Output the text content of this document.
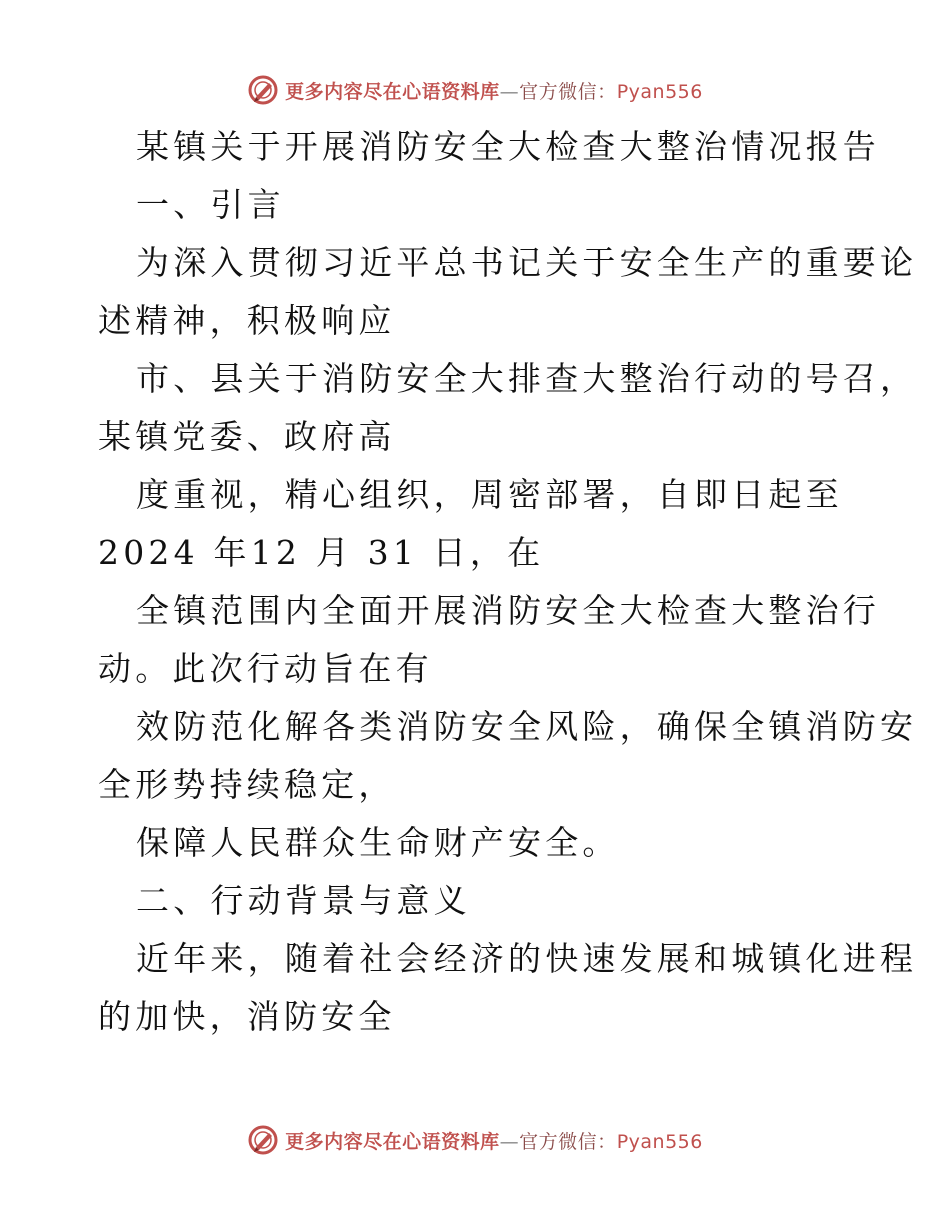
更多内容尽在心语资料库—官方微信：Pyan556
某镇关于开展消防安全大检查大整治情况报告
一、引言
为深入贯彻习近平总书记关于安全生产的重要论
述精神，积极响应
市、县关于消防安全大排查大整治行动的号召，
某镇党委、政府高
度重视，精心组织，周密部署，自即日起至
2024 年12 月 31 日，在
全镇范围内全面开展消防安全大检查大整治行
动。此次行动旨在有
效防范化解各类消防安全风险，确保全镇消防安
全形势持续稳定，
保障人民群众生命财产安全。
二、行动背景与意义
近年来，随着社会经济的快速发展和城镇化进程
的加快，消防安全
更多内容尽在心语资料库—官方微信：Pyan556
